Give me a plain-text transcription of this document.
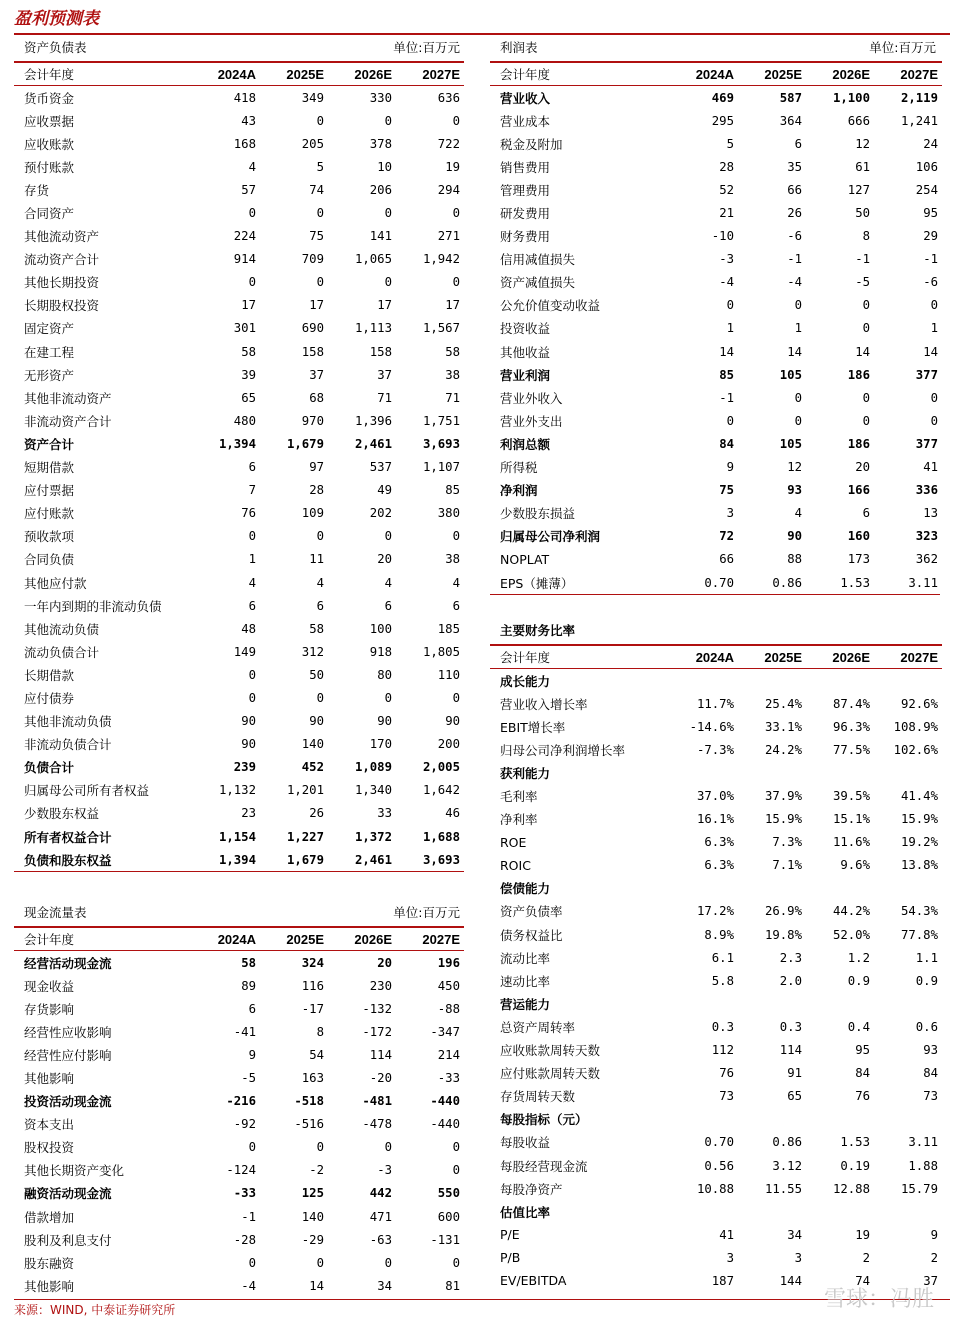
盈利预测表
资产负债表	单位:百万元
会计年度	2024A	2025E	2026E	2027E
货币资金	418	349	330	636
应收票据	43	0	0	0
应收账款	168	205	378	722
预付账款	4	5	10	19
存货	57	74	206	294
合同资产	0	0	0	0
其他流动资产	224	75	141	271
流动资产合计	914	709	1,065	1,942
其他长期投资	0	0	0	0
长期股权投资	17	17	17	17
固定资产	301	690	1,113	1,567
在建工程	58	158	158	58
无形资产	39	37	37	38
其他非流动资产	65	68	71	71
非流动资产合计	480	970	1,396	1,751
资产合计	1,394	1,679	2,461	3,693
短期借款	6	97	537	1,107
应付票据	7	28	49	85
应付账款	76	109	202	380
预收款项	0	0	0	0
合同负债	1	11	20	38
其他应付款	4	4	4	4
一年内到期的非流动负债	6	6	6	6
其他流动负债	48	58	100	185
流动负债合计	149	312	918	1,805
长期借款	0	50	80	110
应付债券	0	0	0	0
其他非流动负债	90	90	90	90
非流动负债合计	90	140	170	200
负债合计	239	452	1,089	2,005
归属母公司所有者权益	1,132	1,201	1,340	1,642
少数股东权益	23	26	33	46
所有者权益合计	1,154	1,227	1,372	1,688
负债和股东权益	1,394	1,679	2,461	3,693
利润表	单位:百万元
会计年度	2024A	2025E	2026E	2027E
营业收入	469	587	1,100	2,119
营业成本	295	364	666	1,241
税金及附加	5	6	12	24
销售费用	28	35	61	106
管理费用	52	66	127	254
研发费用	21	26	50	95
财务费用	-10	-6	8	29
信用减值损失	-3	-1	-1	-1
资产减值损失	-4	-4	-5	-6
公允价值变动收益	0	0	0	0
投资收益	1	1	0	1
其他收益	14	14	14	14
营业利润	85	105	186	377
营业外收入	-1	0	0	0
营业外支出	0	0	0	0
利润总额	84	105	186	377
所得税	9	12	20	41
净利润	75	93	166	336
少数股东损益	3	4	6	13
归属母公司净利润	72	90	160	323
NOPLAT	66	88	173	362
EPS（摊薄）	0.70	0.86	1.53	3.11
主要财务比率
会计年度	2024A	2025E	2026E	2027E
成长能力				
营业收入增长率	11.7%	25.4%	87.4%	92.6%
EBIT增长率	-14.6%	33.1%	96.3%	108.9%
归母公司净利润增长率	-7.3%	24.2%	77.5%	102.6%
获利能力				
毛利率	37.0%	37.9%	39.5%	41.4%
净利率	16.1%	15.9%	15.1%	15.9%
ROE	6.3%	7.3%	11.6%	19.2%
ROIC	6.3%	7.1%	9.6%	13.8%
偿债能力				
资产负债率	17.2%	26.9%	44.2%	54.3%
债务权益比	8.9%	19.8%	52.0%	77.8%
流动比率	6.1	2.3	1.2	1.1
速动比率	5.8	2.0	0.9	0.9
营运能力				
总资产周转率	0.3	0.3	0.4	0.6
应收账款周转天数	112	114	95	93
应付账款周转天数	76	91	84	84
存货周转天数	73	65	76	73
每股指标（元）				
每股收益	0.70	0.86	1.53	3.11
每股经营现金流	0.56	3.12	0.19	1.88
每股净资产	10.88	11.55	12.88	15.79
估值比率				
P/E	41	34	19	9
P/B	3	3	2	2
EV/EBITDA	187	144	74	37
现金流量表	单位:百万元
会计年度	2024A	2025E	2026E	2027E
经营活动现金流	58	324	20	196
现金收益	89	116	230	450
存货影响	6	-17	-132	-88
经营性应收影响	-41	8	-172	-347
经营性应付影响	9	54	114	214
其他影响	-5	163	-20	-33
投资活动现金流	-216	-518	-481	-440
资本支出	-92	-516	-478	-440
股权投资	0	0	0	0
其他长期资产变化	-124	-2	-3	0
融资活动现金流	-33	125	442	550
借款增加	-1	140	471	600
股利及利息支付	-28	-29	-63	-131
股东融资	0	0	0	0
其他影响	-4	14	34	81
来源：WIND, 中泰证券研究所	雪球：冯胜
